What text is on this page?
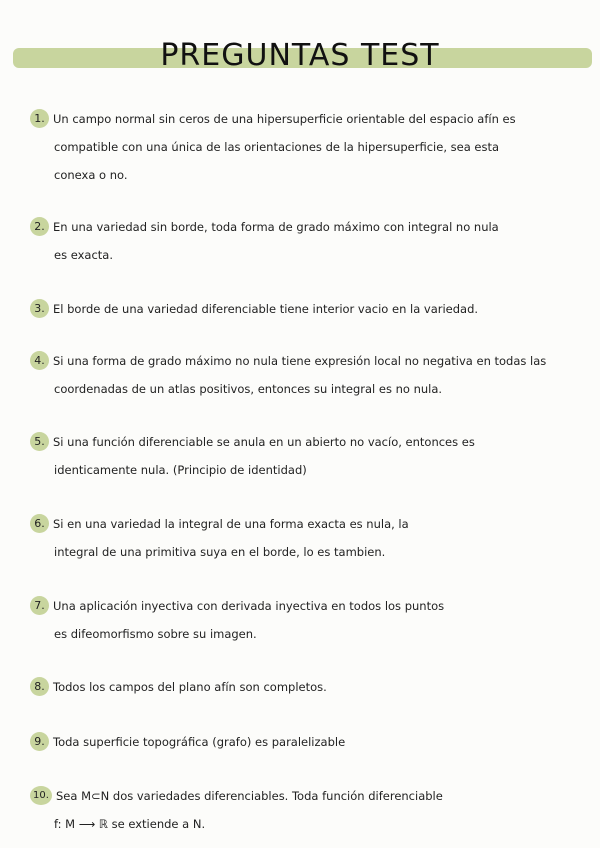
PREGUNTAS TEST
1. Un campo normal sin ceros de una hipersuperficie orientable del espacio afín es
compatible con una única de las orientaciones de la hipersuperficie, sea esta
conexa o no.
2. En una variedad sin borde, toda forma de grado máximo con integral no nula
es exacta.
3. El borde de una variedad diferenciable tiene interior vacio en la variedad.
4. Si una forma de grado máximo no nula tiene expresión local no negativa en todas las
coordenadas de un atlas positivos, entonces su integral es no nula.
5. Si una función diferenciable se anula en un abierto no vacío, entonces es
identicamente nula. (Principio de identidad)
6. Si en una variedad la integral de una forma exacta es nula, la
integral de una primitiva suya en el borde, lo es tambien.
7. Una aplicación inyectiva con derivada inyectiva en todos los puntos
es difeomorfismo sobre su imagen.
8. Todos los campos del plano afín son completos.
9. Toda superficie topográfica (grafo) es paralelizable
10. Sea M⊂N dos variedades diferenciables. Toda función diferenciable
f: M ⟶ ℝ se extiende a N.
